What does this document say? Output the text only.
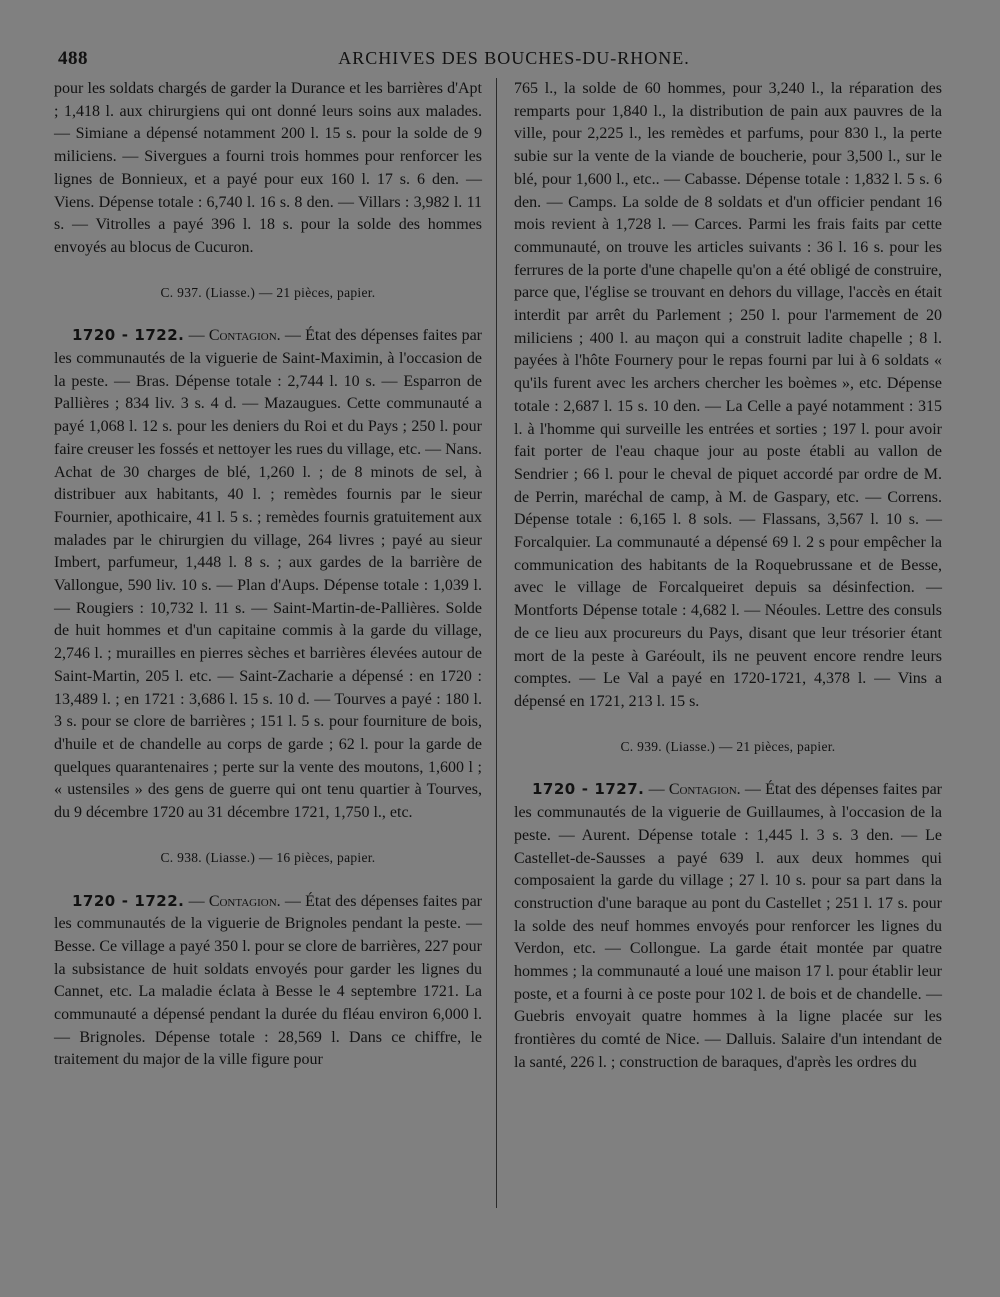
488	ARCHIVES DES BOUCHES-DU-RHONE.

pour les soldats chargés de garder la Durance et les barrières d'Apt ; 1,418 l. aux chirurgiens qui ont donné leurs soins aux malades. — Simiane a dépensé notamment 200 l. 15 s. pour la solde de 9 miliciens. — Sivergues a fourni trois hommes pour renforcer les lignes de Bonnieux, et a payé pour eux 160 l. 17 s. 6 den. — Viens. Dépense totale : 6,740 l. 16 s. 8 den. — Villars : 3,982 l. 11 s. — Vitrolles a payé 396 l. 18 s. pour la solde des hommes envoyés au blocus de Cucuron.

C. 937. (Liasse.) — 21 pièces, papier.

1720 - 1722. — Contagion. — État des dépenses faites par les communautés de la viguerie de Saint-Maximin, à l'occasion de la peste. — Bras. Dépense totale : 2,744 l. 10 s. — Esparron de Pallières ; 834 liv. 3 s. 4 d. — Mazaugues. Cette communauté a payé 1,068 l. 12 s. pour les deniers du Roi et du Pays ; 250 l. pour faire creuser les fossés et nettoyer les rues du village, etc. — Nans. Achat de 30 charges de blé, 1,260 l. ; de 8 minots de sel, à distribuer aux habitants, 40 l. ; remèdes fournis par le sieur Fournier, apothicaire, 41 l. 5 s. ; remèdes fournis gratuitement aux malades par le chirurgien du village, 264 livres ; payé au sieur Imbert, parfumeur, 1,448 l. 8 s. ; aux gardes de la barrière de Vallongue, 590 liv. 10 s. — Plan d'Aups. Dépense totale : 1,039 l. — Rougiers : 10,732 l. 11 s. — Saint-Martin-de-Pallières. Solde de huit hommes et d'un capitaine commis à la garde du village, 2,746 l. ; murailles en pierres sèches et barrières élevées autour de Saint-Martin, 205 l. etc. — Saint-Zacharie a dépensé : en 1720 : 13,489 l. ; en 1721 : 3,686 l. 15 s. 10 d. — Tourves a payé : 180 l. 3 s. pour se clore de barrières ; 151 l. 5 s. pour fourniture de bois, d'huile et de chandelle au corps de garde ; 62 l. pour la garde de quelques quarantenaires ; perte sur la vente des moutons, 1,600 l ; « ustensiles » des gens de guerre qui ont tenu quartier à Tourves, du 9 décembre 1720 au 31 décembre 1721, 1,750 l., etc.

C. 938. (Liasse.) — 16 pièces, papier.

1720 - 1722. — Contagion. — État des dépenses faites par les communautés de la viguerie de Brignoles pendant la peste. — Besse. Ce village a payé 350 l. pour se clore de barrières, 227 pour la subsistance de huit soldats envoyés pour garder les lignes du Cannet, etc. La maladie éclata à Besse le 4 septembre 1721. La communauté a dépensé pendant la durée du fléau environ 6,000 l. — Brignoles. Dépense totale : 28,569 l. Dans ce chiffre, le traitement du major de la ville figure pour

765 l., la solde de 60 hommes, pour 3,240 l., la réparation des remparts pour 1,840 l., la distribution de pain aux pauvres de la ville, pour 2,225 l., les remèdes et parfums, pour 830 l., la perte subie sur la vente de la viande de boucherie, pour 3,500 l., sur le blé, pour 1,600 l., etc.. — Cabasse. Dépense totale : 1,832 l. 5 s. 6 den. — Camps. La solde de 8 soldats et d'un officier pendant 16 mois revient à 1,728 l. — Carces. Parmi les frais faits par cette communauté, on trouve les articles suivants : 36 l. 16 s. pour les ferrures de la porte d'une chapelle qu'on a été obligé de construire, parce que, l'église se trouvant en dehors du village, l'accès en était interdit par arrêt du Parlement ; 250 l. pour l'armement de 20 miliciens ; 400 l. au maçon qui a construit ladite chapelle ; 8 l. payées à l'hôte Fournery pour le repas fourni par lui à 6 soldats « qu'ils furent avec les archers chercher les boèmes », etc. Dépense totale : 2,687 l. 15 s. 10 den. — La Celle a payé notamment : 315 l. à l'homme qui surveille les entrées et sorties ; 197 l. pour avoir fait porter de l'eau chaque jour au poste établi au vallon de Sendrier ; 66 l. pour le cheval de piquet accordé par ordre de M. de Perrin, maréchal de camp, à M. de Gaspary, etc. — Correns. Dépense totale : 6,165 l. 8 sols. — Flassans, 3,567 l. 10 s. — Forcalquier. La communauté a dépensé 69 l. 2 s pour empêcher la communication des habitants de la Roquebrussane et de Besse, avec le village de Forcalqueiret depuis sa désinfection. — Montforts Dépense totale : 4,682 l. — Néoules. Lettre des consuls de ce lieu aux procureurs du Pays, disant que leur trésorier étant mort de la peste à Garéoult, ils ne peuvent encore rendre leurs comptes. — Le Val a payé en 1720-1721, 4,378 l. — Vins a dépensé en 1721, 213 l. 15 s.

C. 939. (Liasse.) — 21 pièces, papier.

1720 - 1727. — Contagion. — État des dépenses faites par les communautés de la viguerie de Guillaumes, à l'occasion de la peste. — Aurent. Dépense totale : 1,445 l. 3 s. 3 den. — Le Castellet-de-Sausses a payé 639 l. aux deux hommes qui composaient la garde du village ; 27 l. 10 s. pour sa part dans la construction d'une baraque au pont du Castellet ; 251 l. 17 s. pour la solde des neuf hommes envoyés pour renforcer les lignes du Verdon, etc. — Collongue. La garde était montée par quatre hommes ; la communauté a loué une maison 17 l. pour établir leur poste, et a fourni à ce poste pour 102 l. de bois et de chandelle. — Guebris envoyait quatre hommes à la ligne placée sur les frontières du comté de Nice. — Dalluis. Salaire d'un intendant de la santé, 226 l. ; construction de baraques, d'après les ordres du
